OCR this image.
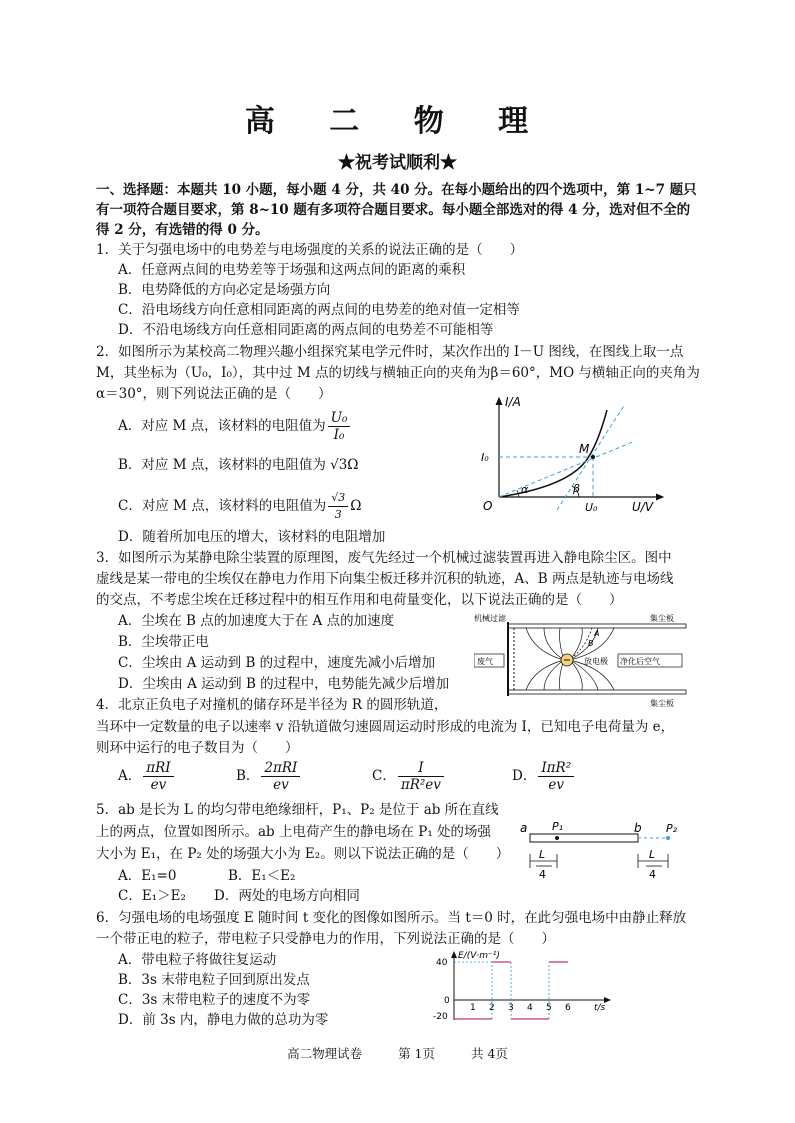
高 二 物 理
★祝考试顺利★
一、选择题：本题共 10 小题，每小题 4 分，共 40 分。在每小题给出的四个选项中，第 1~7 题只
有一项符合题目要求，第 8~10 题有多项符合题目要求。每小题全部选对的得 4 分，选对但不全的
得 2 分，有选错的得 0 分。
1．关于匀强电场中的电势差与电场强度的关系的说法正确的是（　　）
A．任意两点间的电势差等于场强和这两点间的距离的乘积
B．电势降低的方向必定是场强方向
C．沿电场线方向任意相同距离的两点间的电势差的绝对值一定相等
D．不沿电场线方向任意相同距离的两点间的电势差不可能相等
2．如图所示为某校高二物理兴趣小组探究某电学元件时，某次作出的 I－U 图线，在图线上取一点
M，其坐标为（U₀，I₀），其中过 M 点的切线与横轴正向的夹角为β＝60°，MO 与横轴正向的夹角为
α＝30°，则下列说法正确的是（　　）
A．对应 M 点，该材料的电阻值为 $\frac{\text{U₀}}{\text{I₀}}$
B．对应 M 点，该材料的电阻值为 √3Ω
C．对应 M 点，该材料的电阻值为 $\frac{√3}{3}$ Ω
D．随着所加电压的增大，该材料的电阻增加
I/A
U/V
O
M
I₀
U₀
α	β
3．如图所示为某静电除尘装置的原理图，废气先经过一个机械过滤装置再进入静电除尘区。图中
虚线是某一带电的尘埃仅在静电力作用下向集尘板迁移并沉积的轨迹，A、B 两点是轨迹与电场线
的交点，不考虑尘埃在迁移过程中的相互作用和电荷量变化，以下说法正确的是（　　）
A．尘埃在 B 点的加速度大于在 A 点的加速度
B．尘埃带正电
C．尘埃由 A 运动到 B 的过程中，速度先减小后增加
D．尘埃由 A 运动到 B 的过程中，电势能先减少后增加
机械过滤	集尘板
集尘板
废气	放电极 净化后空气
A
B
4．北京正负电子对撞机的储存环是半径为 R 的圆形轨道，
当环中一定数量的电子以速率 v 沿轨道做匀速圆周运动时形成的电流为 I，已知电子电荷量为 e，
则环中运行的电子数目为（　　）
A． $\frac{\text{πRI}}{ev}$	B． $\frac{\text{2πRI}}{ev}$	C． $\frac{I}{\text{πR²ev}}$	D． $\frac{\text{IπR²}}{ev}$
5．ab 是长为 L 的均匀带电绝缘细杆，P₁、P₂ 是位于 ab 所在直线
上的两点，位置如图所示。ab 上电荷产生的静电场在 P₁ 处的场强
大小为 E₁，在 P₂ 处的场强大小为 E₂。则以下说法正确的是（　　）
A．E₁=0	B．E₁＜E₂
C．E₁＞E₂ D．两处的电场方向相同
a	b
P₁	P₂
L
4
L
4
6．匀强电场的电场强度 E 随时间 t 变化的图像如图所示。当 t＝0 时，在此匀强电场中由静止释放
一个带正电的粒子，带电粒子只受静电力的作用，下列说法正确的是（　　）
A．带电粒子将做往复运动
B．3s 末带电粒子回到原出发点
C．3s 末带电粒子的速度不为零
D．前 3s 内，静电力做的总功为零
E/(V·m⁻¹)
t/s
40
0
-20
1 2 3 4 5 6
高二物理试卷	第 1页	共 4页
